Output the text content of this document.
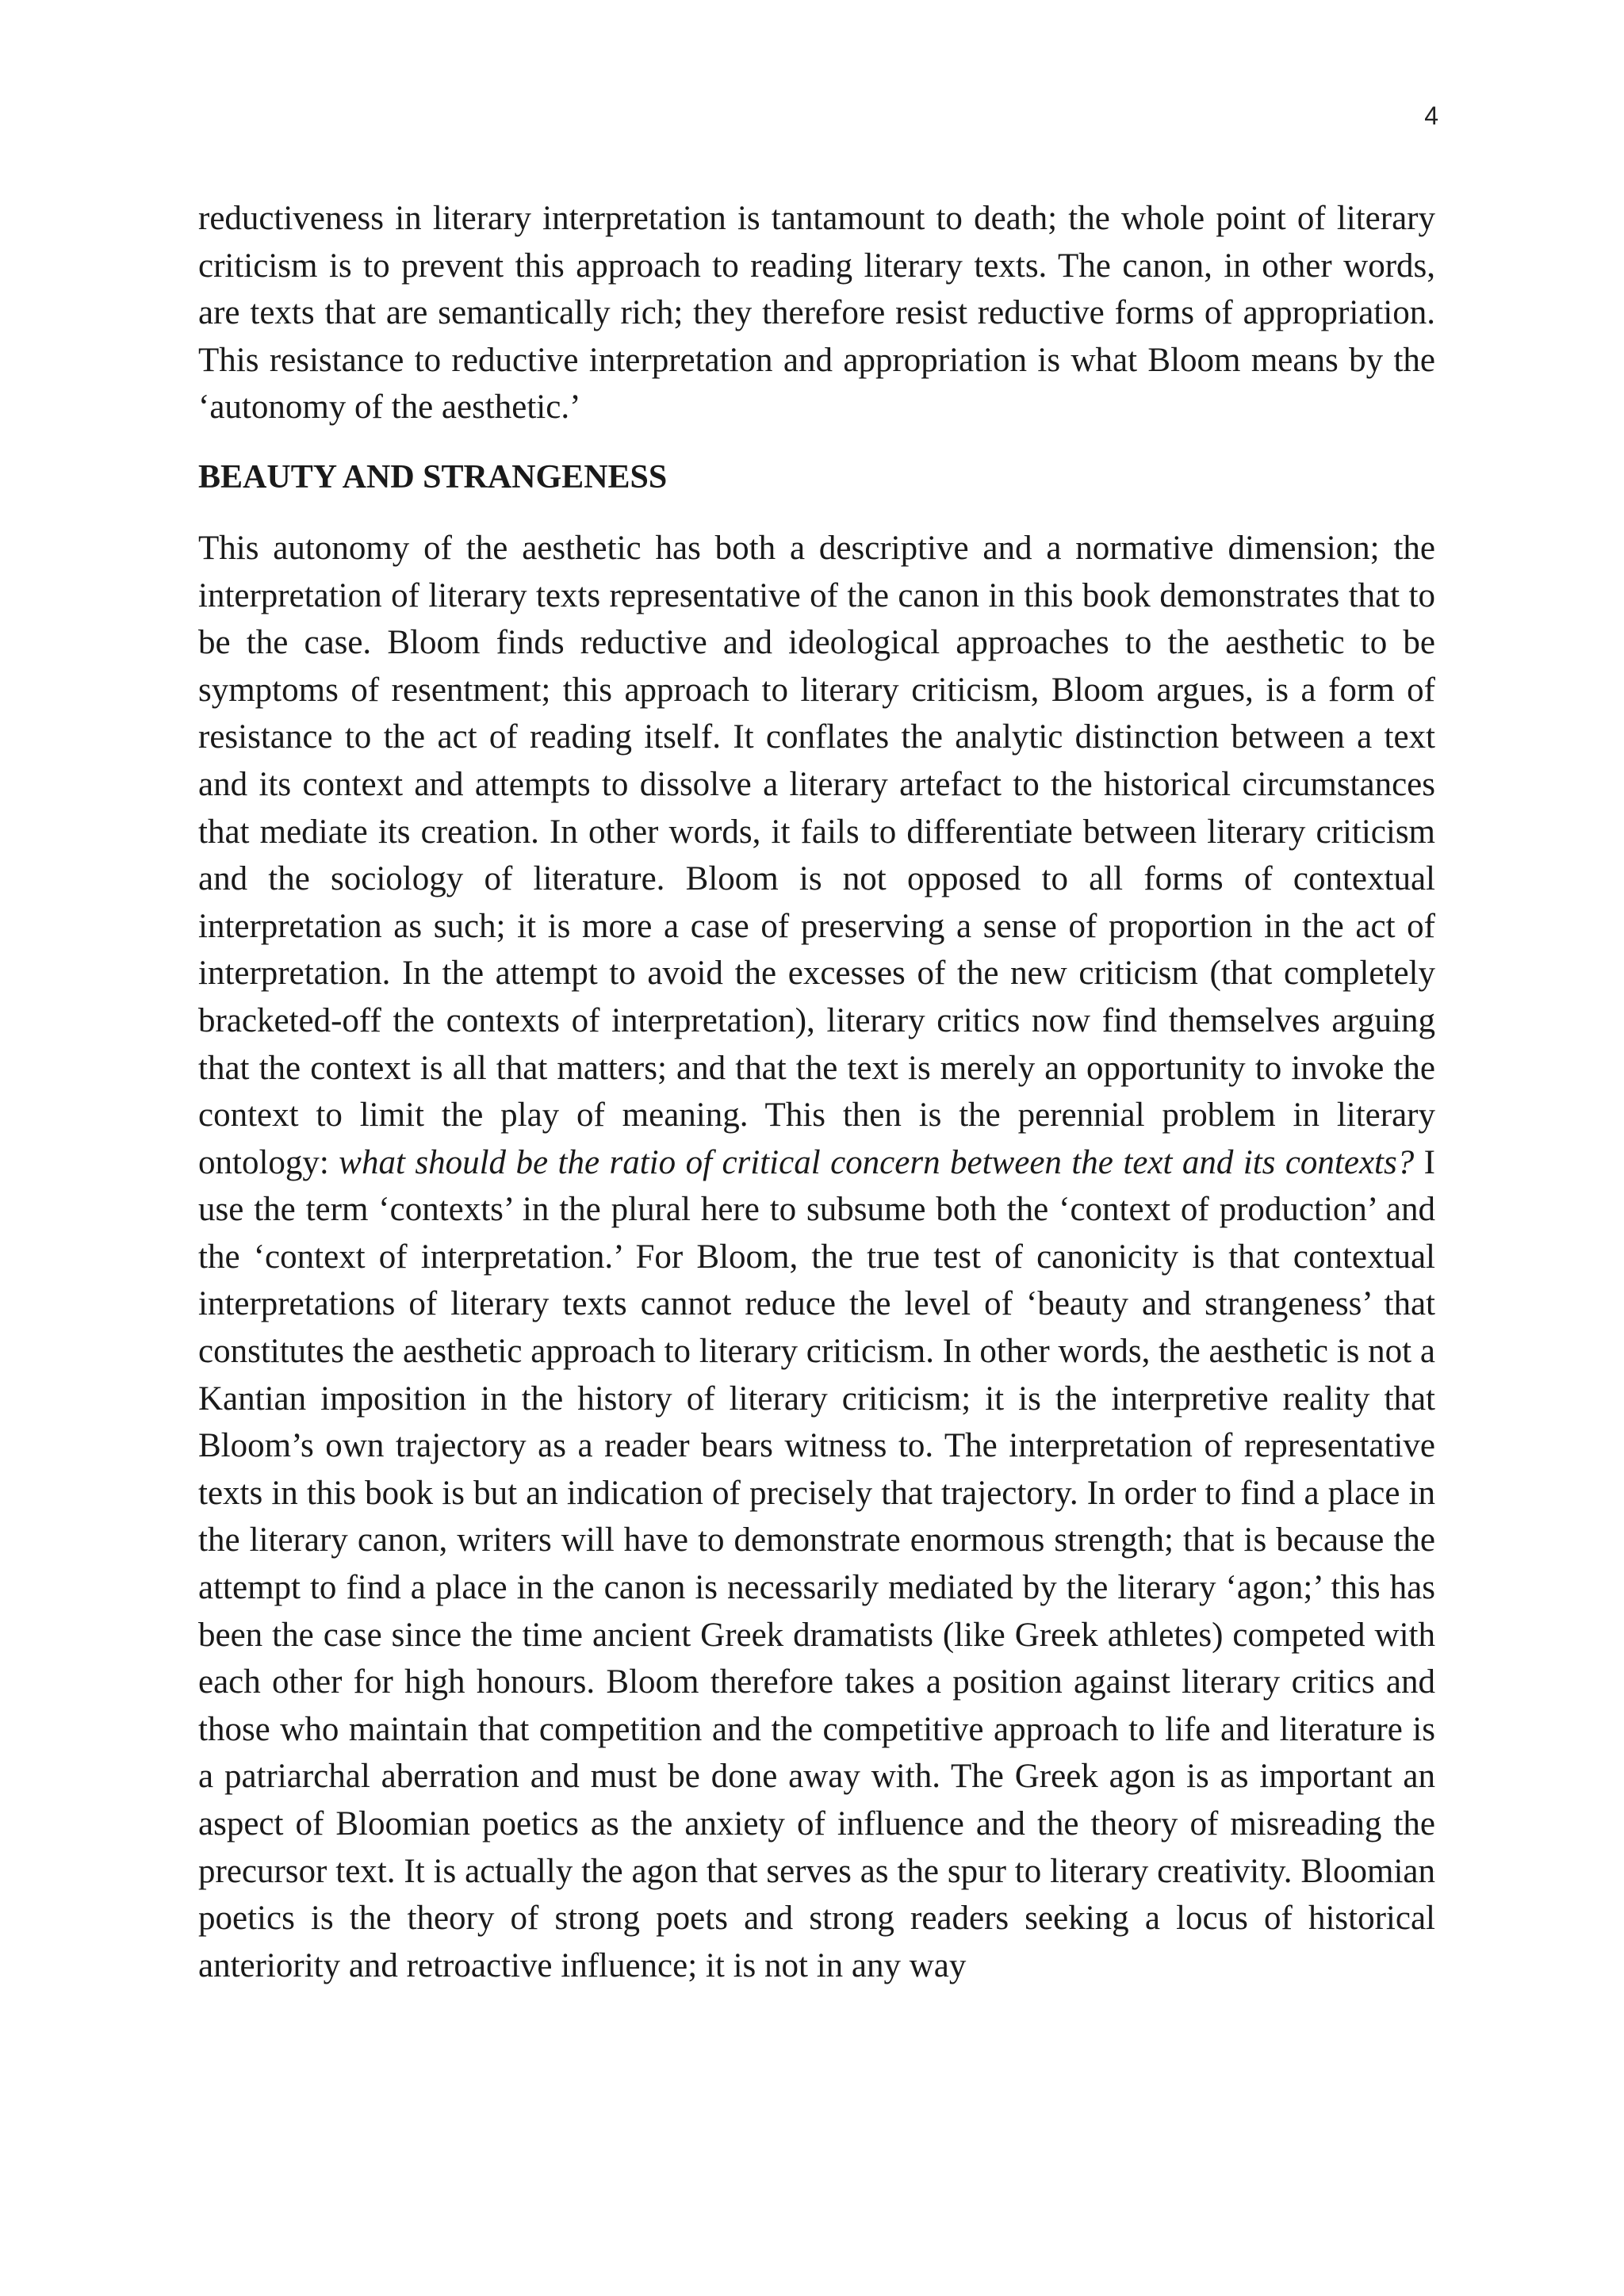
4

reductiveness in literary interpretation is tantamount to death; the whole point of literary criticism is to prevent this approach to reading literary texts. The canon, in other words, are texts that are semantically rich; they therefore resist reductive forms of appropriation. This resistance to reductive interpretation and appropriation is what Bloom means by the ‘autonomy of the aesthetic.’

BEAUTY AND STRANGENESS

This autonomy of the aesthetic has both a descriptive and a normative dimension; the interpretation of literary texts representative of the canon in this book demonstrates that to be the case. Bloom finds reductive and ideological approaches to the aesthetic to be symptoms of resentment; this approach to literary criticism, Bloom argues, is a form of resistance to the act of reading itself. It conflates the analytic distinction between a text and its context and attempts to dissolve a literary artefact to the historical circumstances that mediate its creation. In other words, it fails to differentiate between literary criticism and the sociology of literature. Bloom is not opposed to all forms of contextual interpretation as such; it is more a case of preserving a sense of proportion in the act of interpretation. In the attempt to avoid the excesses of the new criticism (that completely bracketed-off the contexts of interpretation), literary critics now find themselves arguing that the context is all that matters; and that the text is merely an opportunity to invoke the context to limit the play of meaning. This then is the perennial problem in literary ontology: what should be the ratio of critical concern between the text and its contexts? I use the term ‘contexts’ in the plural here to subsume both the ‘context of production’ and the ‘context of interpretation.’ For Bloom, the true test of canonicity is that contextual interpretations of literary texts cannot reduce the level of ‘beauty and strangeness’ that constitutes the aesthetic approach to literary criticism. In other words, the aesthetic is not a Kantian imposition in the history of literary criticism; it is the interpretive reality that Bloom’s own trajectory as a reader bears witness to. The interpretation of representative texts in this book is but an indication of precisely that trajectory. In order to find a place in the literary canon, writers will have to demonstrate enormous strength; that is because the attempt to find a place in the canon is necessarily mediated by the literary ‘agon;’ this has been the case since the time ancient Greek dramatists (like Greek athletes) competed with each other for high honours. Bloom therefore takes a position against literary critics and those who maintain that competition and the competitive approach to life and literature is a patriarchal aberration and must be done away with. The Greek agon is as important an aspect of Bloomian poetics as the anxiety of influence and the theory of misreading the precursor text. It is actually the agon that serves as the spur to literary creativity. Bloomian poetics is the theory of strong poets and strong readers seeking a locus of historical anteriority and retroactive influence; it is not in any way
